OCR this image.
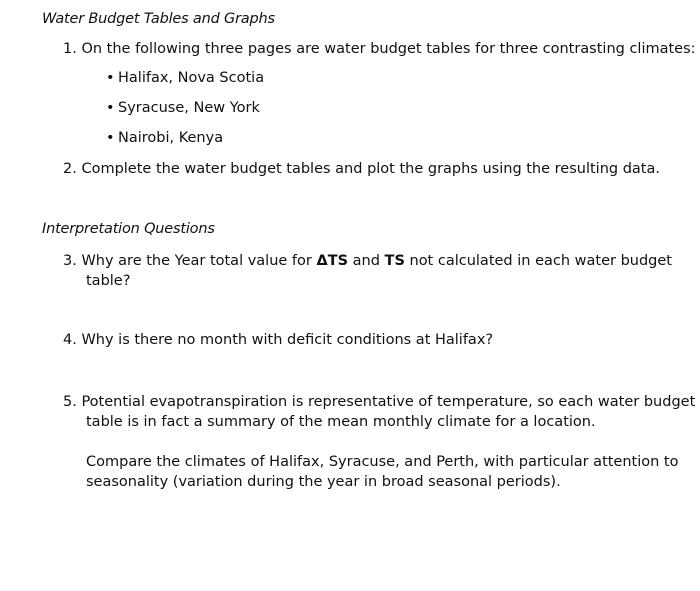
Water Budget Tables and Graphs
1. On the following three pages are water budget tables for three contrasting climates:
• Halifax, Nova Scotia
• Syracuse, New York
• Nairobi, Kenya
2. Complete the water budget tables and plot the graphs using the resulting data.
Interpretation Questions
3. Why are the Year total value for ΔTS and TS not calculated in each water budget
table?
4. Why is there no month with deficit conditions at Halifax?
5. Potential evapotranspiration is representative of temperature, so each water budget
table is in fact a summary of the mean monthly climate for a location.
Compare the climates of Halifax, Syracuse, and Perth, with particular attention to
seasonality (variation during the year in broad seasonal periods).
